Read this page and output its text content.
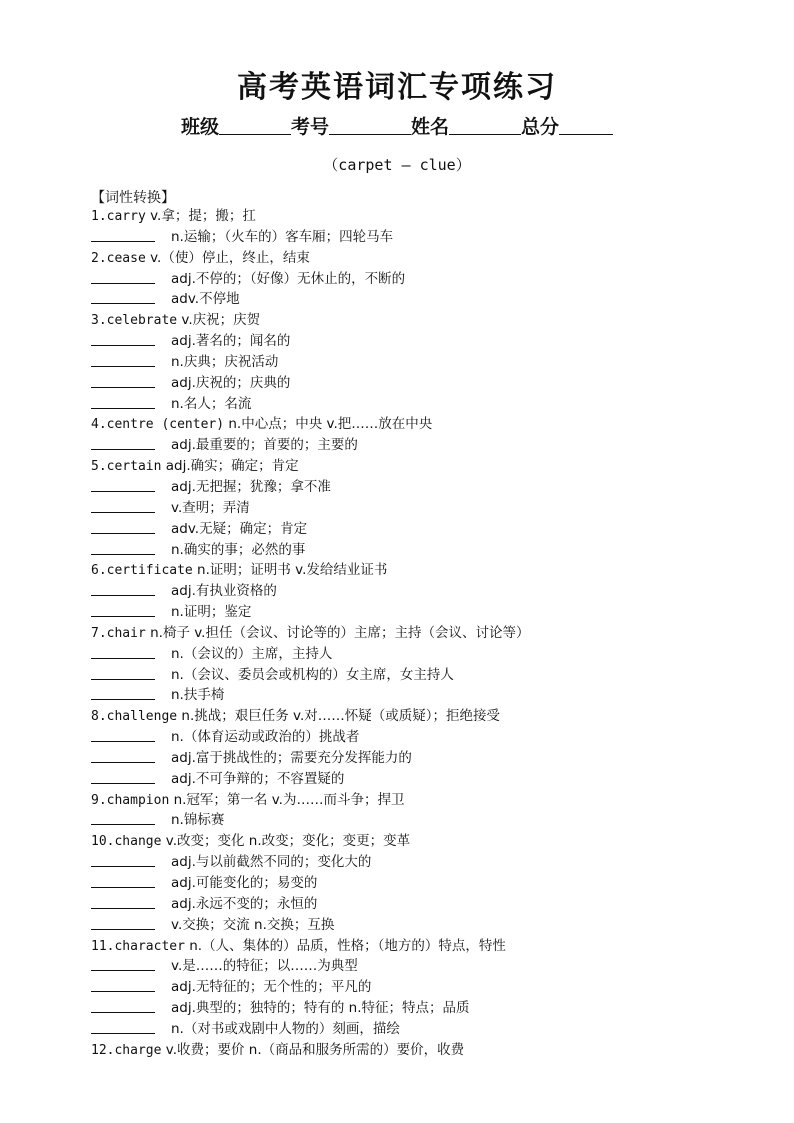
高考英语词汇专项练习
班级	考号	姓名	总分
（carpet — clue）
【词性转换】
1.carry v.拿；提；搬；扛
n.运输；（火车的）客车厢；四轮马车
2.cease v.（使）停止，终止，结束
adj.不停的；（好像）无休止的，不断的
adv.不停地
3.celebrate v.庆祝；庆贺
adj.著名的；闻名的
n.庆典；庆祝活动
adj.庆祝的；庆典的
n.名人；名流
4.centre (center) n.中心点；中央 v.把……放在中央
adj.最重要的；首要的；主要的
5.certain adj.确实；确定；肯定
adj.无把握；犹豫；拿不准
v.查明；弄清
adv.无疑；确定；肯定
n.确实的事；必然的事
6.certificate n.证明；证明书 v.发给结业证书
adj.有执业资格的
n.证明；鉴定
7.chair n.椅子 v.担任（会议、讨论等的）主席；主持（会议、讨论等）
n.（会议的）主席，主持人
n.（会议、委员会或机构的）女主席，女主持人
n.扶手椅
8.challenge n.挑战；艰巨任务 v.对……怀疑（或质疑）；拒绝接受
n.（体育运动或政治的）挑战者
adj.富于挑战性的；需要充分发挥能力的
adj.不可争辩的；不容置疑的
9.champion n.冠军；第一名 v.为……而斗争；捍卫
n.锦标赛
10.change v.改变；变化 n.改变；变化；变更；变革
adj.与以前截然不同的；变化大的
adj.可能变化的；易变的
adj.永远不变的；永恒的
v.交换；交流 n.交换；互换
11.character n.（人、集体的）品质，性格；（地方的）特点，特性
v.是……的特征；以……为典型
adj.无特征的；无个性的；平凡的
adj.典型的；独特的；特有的 n.特征；特点；品质
n.（对书或戏剧中人物的）刻画，描绘
12.charge v.收费；要价 n.（商品和服务所需的）要价，收费
